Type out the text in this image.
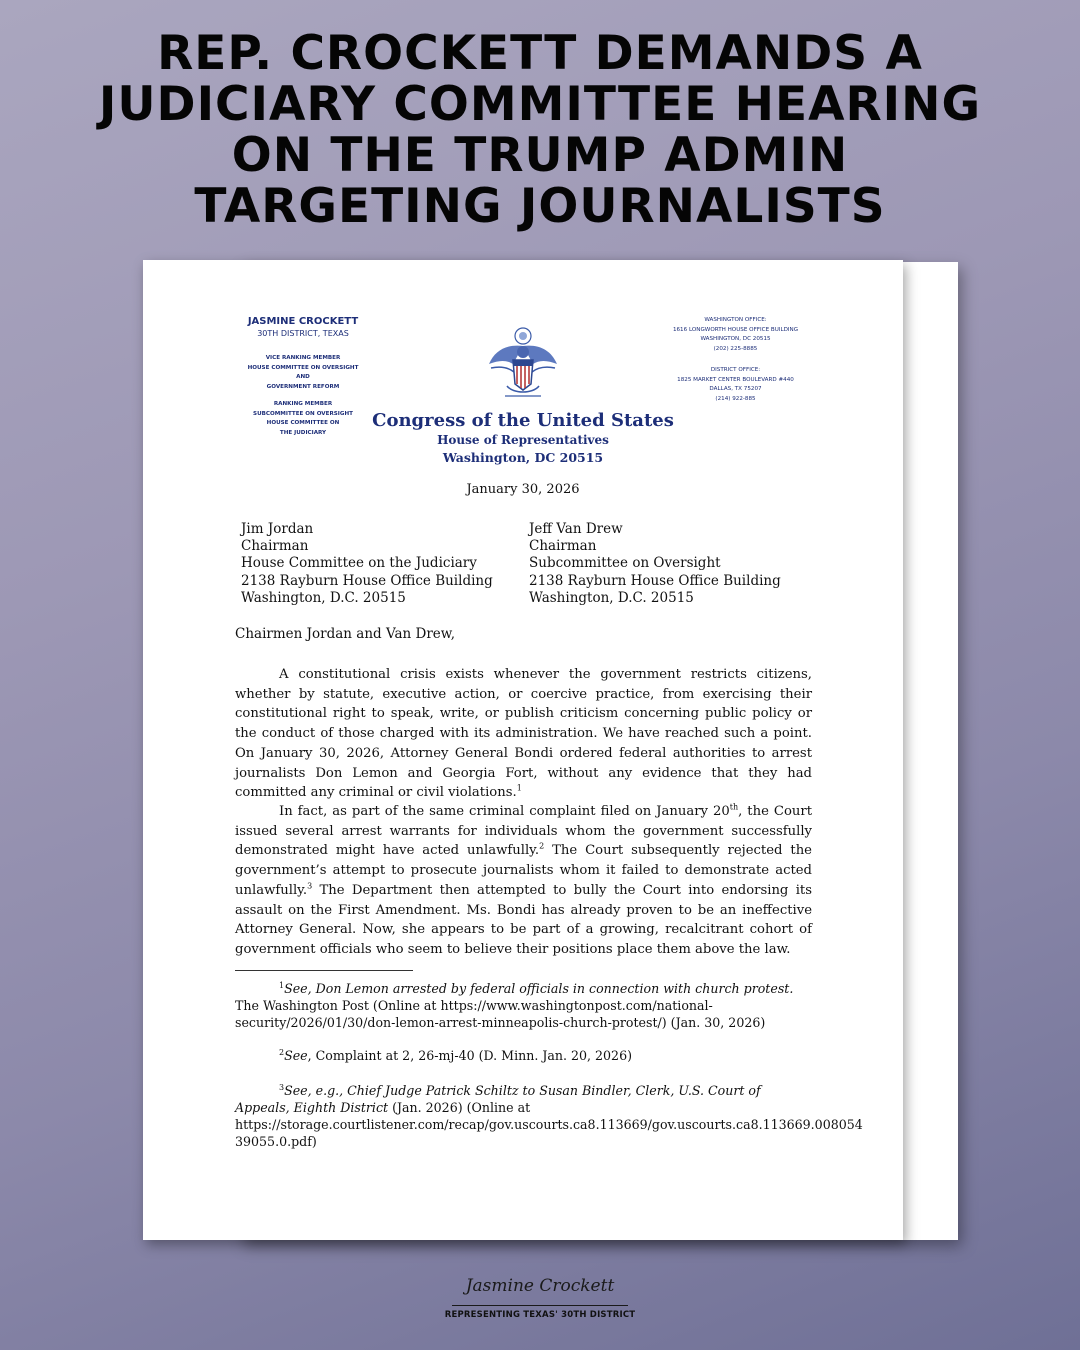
REP. CROCKETT DEMANDS A
JUDICIARY COMMITTEE HEARING
ON THE TRUMP ADMIN
TARGETING JOURNALISTS
JASMINE CROCKETT
30TH DISTRICT, TEXAS
VICE RANKING MEMBER
HOUSE COMMITTEE ON OVERSIGHT AND
GOVERNMENT REFORM
RANKING MEMBER
SUBCOMMITTEE ON OVERSIGHT
HOUSE COMMITTEE ON
THE JUDICIARY
Congress of the United States
House of Representatives
Washington, DC 20515
WASHINGTON OFFICE:
1616 LONGWORTH HOUSE OFFICE BUILDING
WASHINGTON, DC 20515
(202) 225-8885
DISTRICT OFFICE:
1825 MARKET CENTER BOULEVARD #440
DALLAS, TX 75207
(214) 922-885
January 30, 2026
Jim Jordan
Chairman
House Committee on the Judiciary
2138 Rayburn House Office Building
Washington, D.C. 20515
Jeff Van Drew
Chairman
Subcommittee on Oversight
2138 Rayburn House Office Building
Washington, D.C. 20515
Chairmen Jordan and Van Drew,

A constitutional crisis exists whenever the government restricts citizens, whether by statute, executive action, or coercive practice, from exercising their constitutional right to speak, write, or publish criticism concerning public policy or the conduct of those charged with its administration. We have reached such a point. On January 30, 2026, Attorney General Bondi ordered federal authorities to arrest journalists Don Lemon and Georgia Fort, without any evidence that they had committed any criminal or civil violations.$^1$

In fact, as part of the same criminal complaint filed on January 20th, the Court issued several arrest warrants for individuals whom the government successfully demonstrated might have acted unlawfully.$^2$ The Court subsequently rejected the government’s attempt to prosecute journalists whom it failed to demonstrate acted unlawfully.$^3$ The Department then attempted to bully the Court into endorsing its assault on the First Amendment. Ms. Bondi has already proven to be an ineffective Attorney General. Now, she appears to be part of a growing, recalcitrant cohort of government officials who seem to believe their positions place them above the law.

$^1$See, Don Lemon arrested by federal officials in connection with church protest. The Washington Post (Online at https://www.washingtonpost.com/national-security/2026/01/30/don-lemon-arrest-minneapolis-church-protest/) (Jan. 30, 2026)

$^2$See, Complaint at 2, 26-mj-40 (D. Minn. Jan. 20, 2026)

$^3$See, e.g., Chief Judge Patrick Schiltz to Susan Bindler, Clerk, U.S. Court of Appeals, Eighth District (Jan. 2026) (Online at https://storage.courtlistener.com/recap/gov.uscourts.ca8.113669/gov.uscourts.ca8.113669.008054 39055.0.pdf)

Jasmine Crockett
REPRESENTING TEXAS' 30TH DISTRICT
